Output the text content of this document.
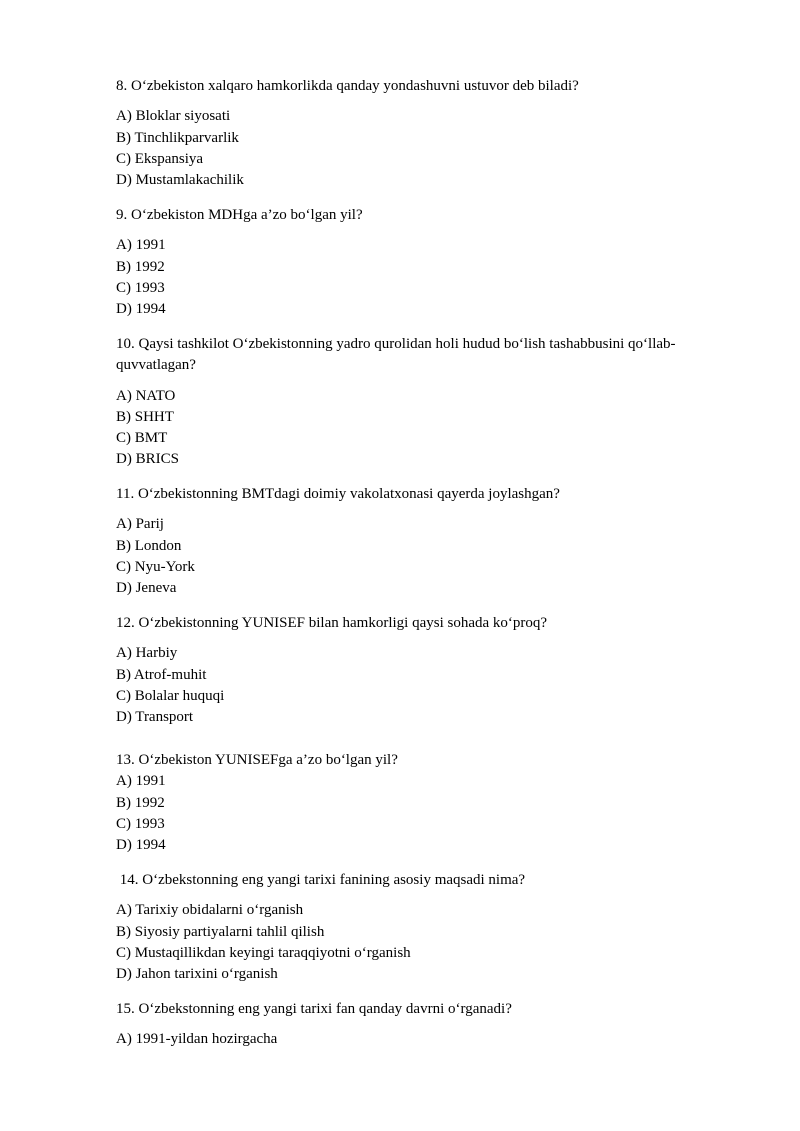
8. O‘zbekiston xalqaro hamkorlikda qanday yondashuvni ustuvor deb biladi?

A) Bloklar siyosati
B) Tinchlikparvarlik
C) Ekspansiya
D) Mustamlakachilik

9. O‘zbekiston MDHga a’zo bo‘lgan yil?

A) 1991
B) 1992
C) 1993
D) 1994

10. Qaysi tashkilot O‘zbekistonning yadro qurolidan holi hudud bo‘lish tashabbusini qo‘llab-quvvatlagan?

A) NATO
B) SHHT
C) BMT
D) BRICS

11. O‘zbekistonning BMTdagi doimiy vakolatxonasi qayerda joylashgan?

A) Parij
B) London
C) Nyu-York
D) Jeneva

12. O‘zbekistonning YUNISEF bilan hamkorligi qaysi sohada ko‘proq?

A) Harbiy
B) Atrof-muhit
C) Bolalar huquqi
D) Transport

13. O‘zbekiston YUNISEFga a’zo bo‘lgan yil?

A) 1991
B) 1992
C) 1993
D) 1994

14. O‘zbekstonning eng yangi tarixi fanining asosiy maqsadi nima?

A) Tarixiy obidalarni o‘rganish
B) Siyosiy partiyalarni tahlil qilish
C) Mustaqillikdan keyingi taraqqiyotni o‘rganish
D) Jahon tarixini o‘rganish

15. O‘zbekstonning eng yangi tarixi fan qanday davrni o‘rganadi?

A) 1991-yildan hozirgacha
